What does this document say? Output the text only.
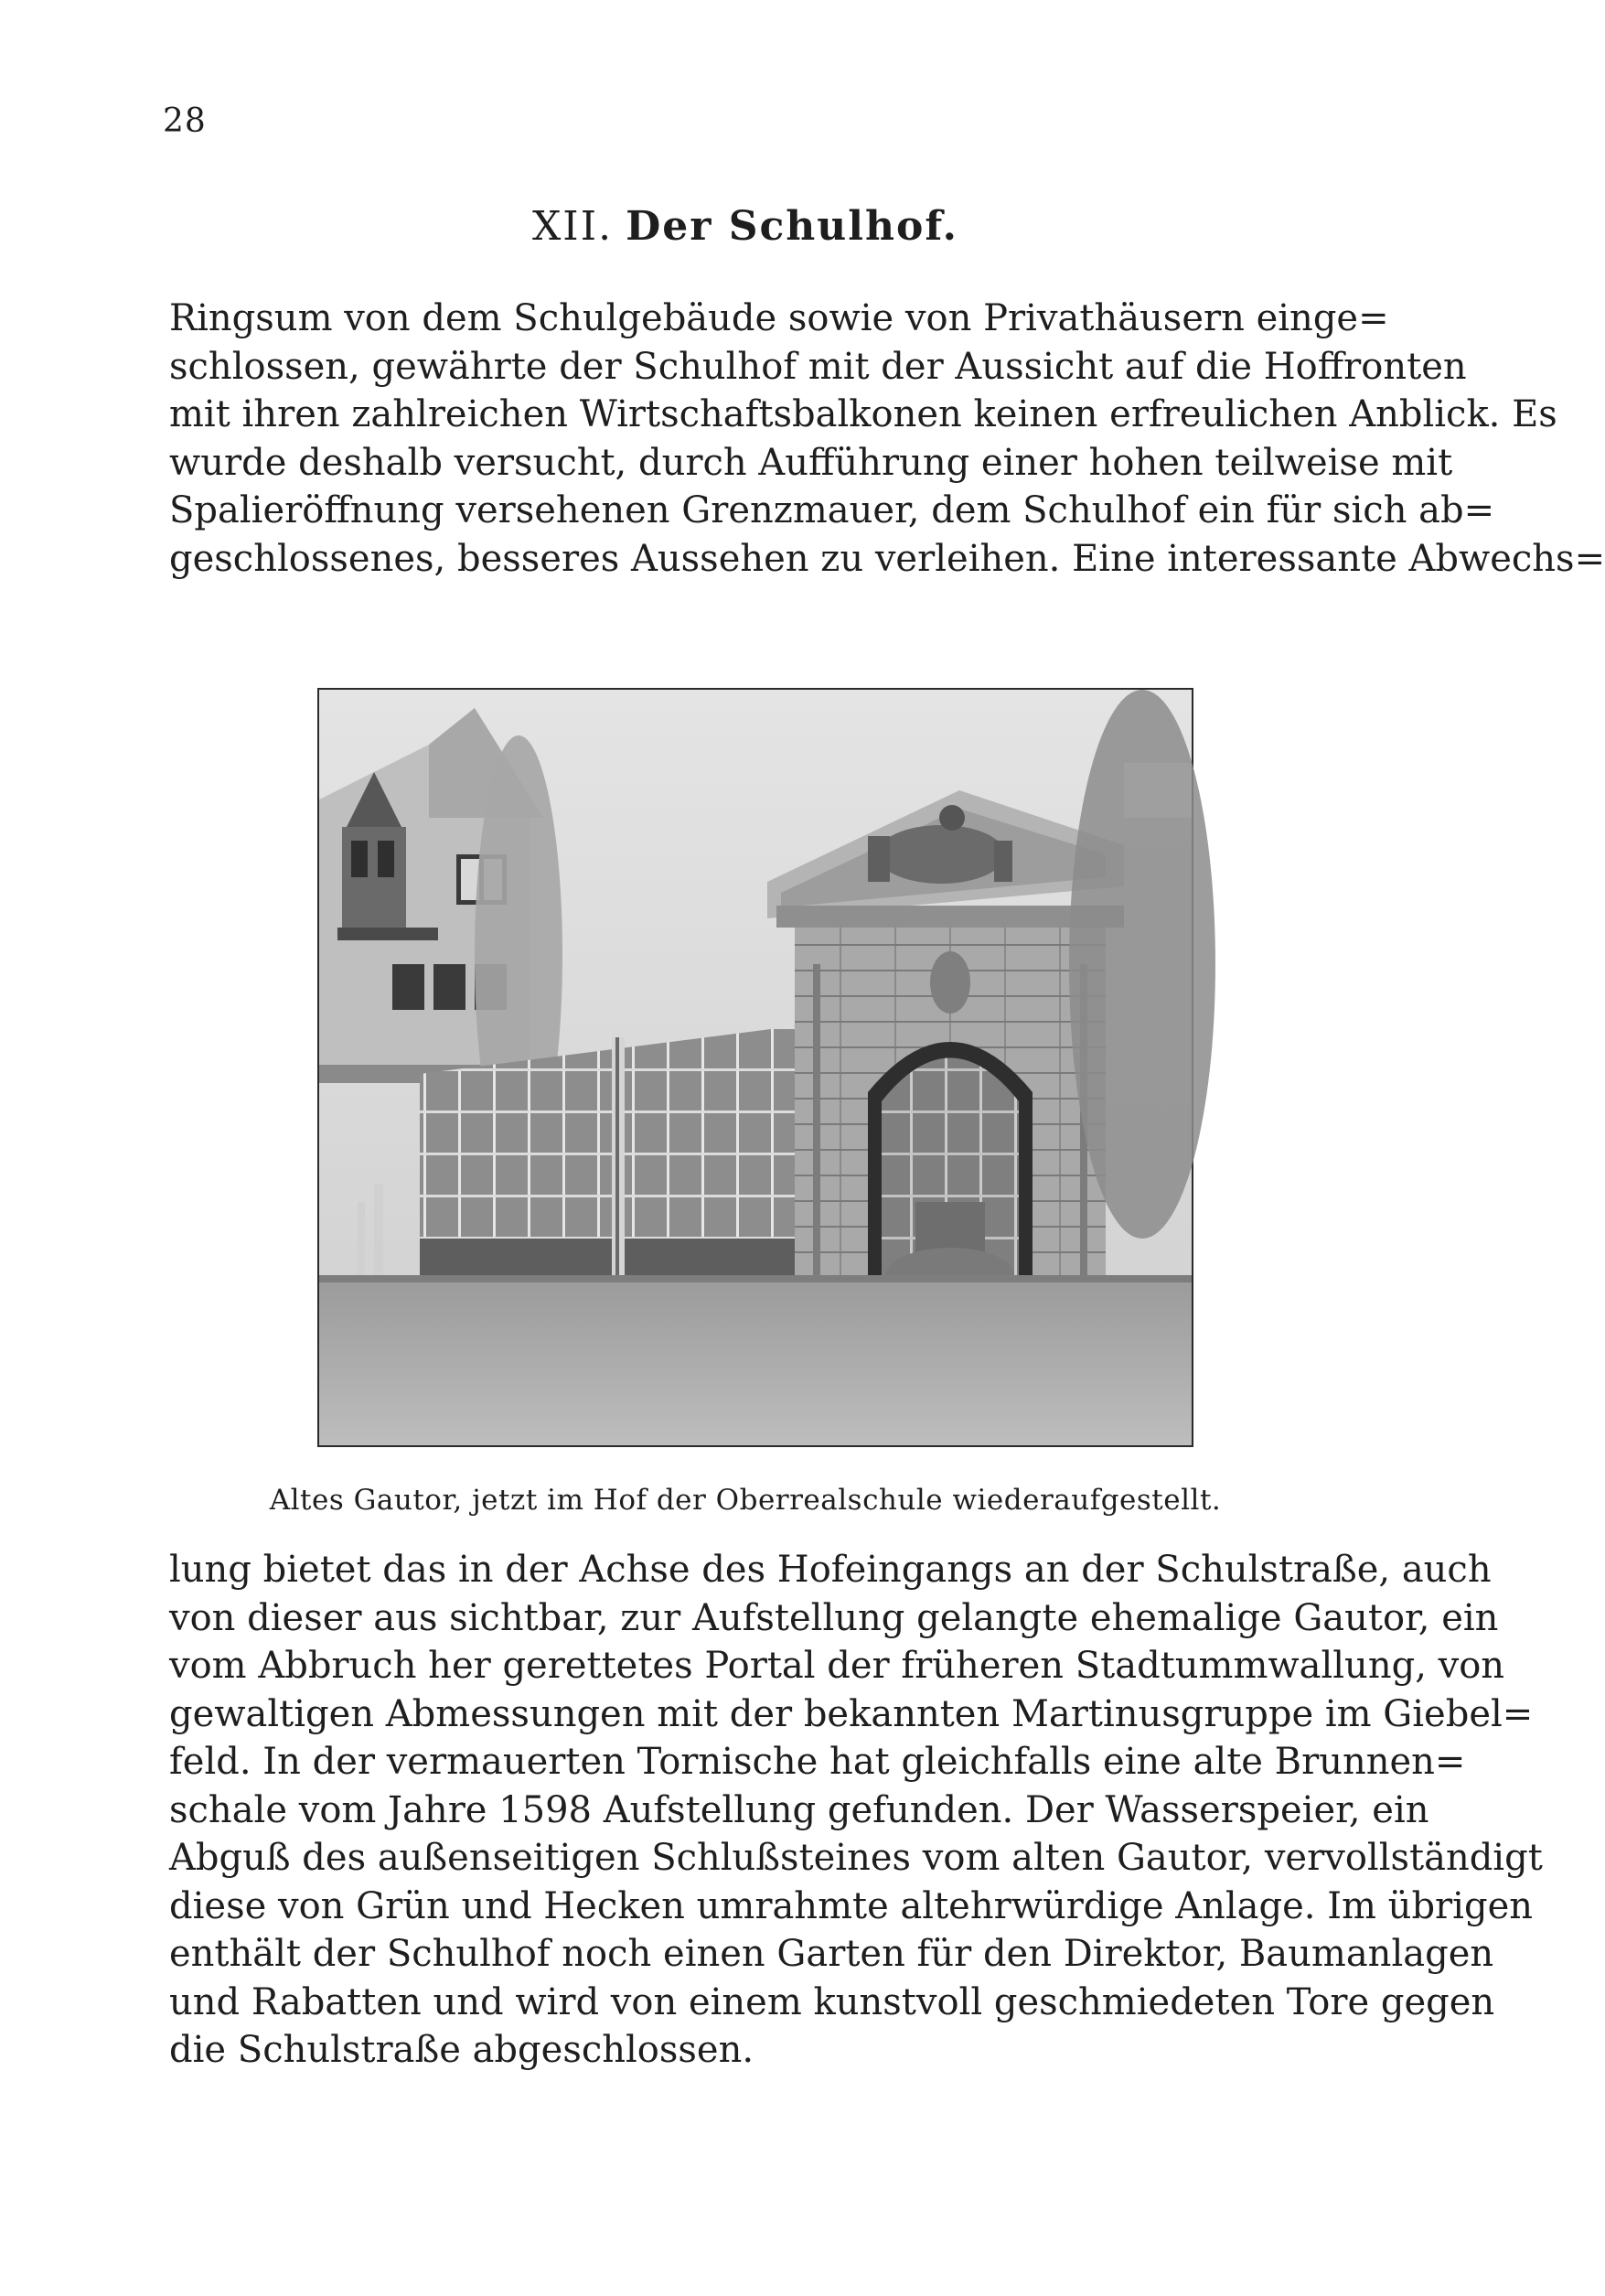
28
XII. Der Schulhof.
Ringsum von dem Schulgebäude sowie von Privathäusern einge=
schlossen, gewährte der Schulhof mit der Aussicht auf die Hoffronten
mit ihren zahlreichen Wirtschaftsbalkonen keinen erfreulichen Anblick. Es
wurde deshalb versucht, durch Aufführung einer hohen teilweise mit
Spalieröffnung versehenen Grenzmauer, dem Schulhof ein für sich ab=
geschlossenes, besseres Aussehen zu verleihen. Eine interessante Abwechs=
Altes Gautor, jetzt im Hof der Oberrealschule wiederaufgestellt.
lung bietet das in der Achse des Hofeingangs an der Schulstraße, auch
von dieser aus sichtbar, zur Aufstellung gelangte ehemalige Gautor, ein
vom Abbruch her gerettetes Portal der früheren Stadtummwallung, von
gewaltigen Abmessungen mit der bekannten Martinusgruppe im Giebel=
feld. In der vermauerten Tornische hat gleichfalls eine alte Brunnen=
schale vom Jahre 1598 Aufstellung gefunden. Der Wasserspeier, ein
Abguß des außenseitigen Schlußsteines vom alten Gautor, vervollständigt
diese von Grün und Hecken umrahmte altehrwürdige Anlage. Im übrigen
enthält der Schulhof noch einen Garten für den Direktor, Baumanlagen
und Rabatten und wird von einem kunstvoll geschmiedeten Tore gegen
die Schulstraße abgeschlossen.
